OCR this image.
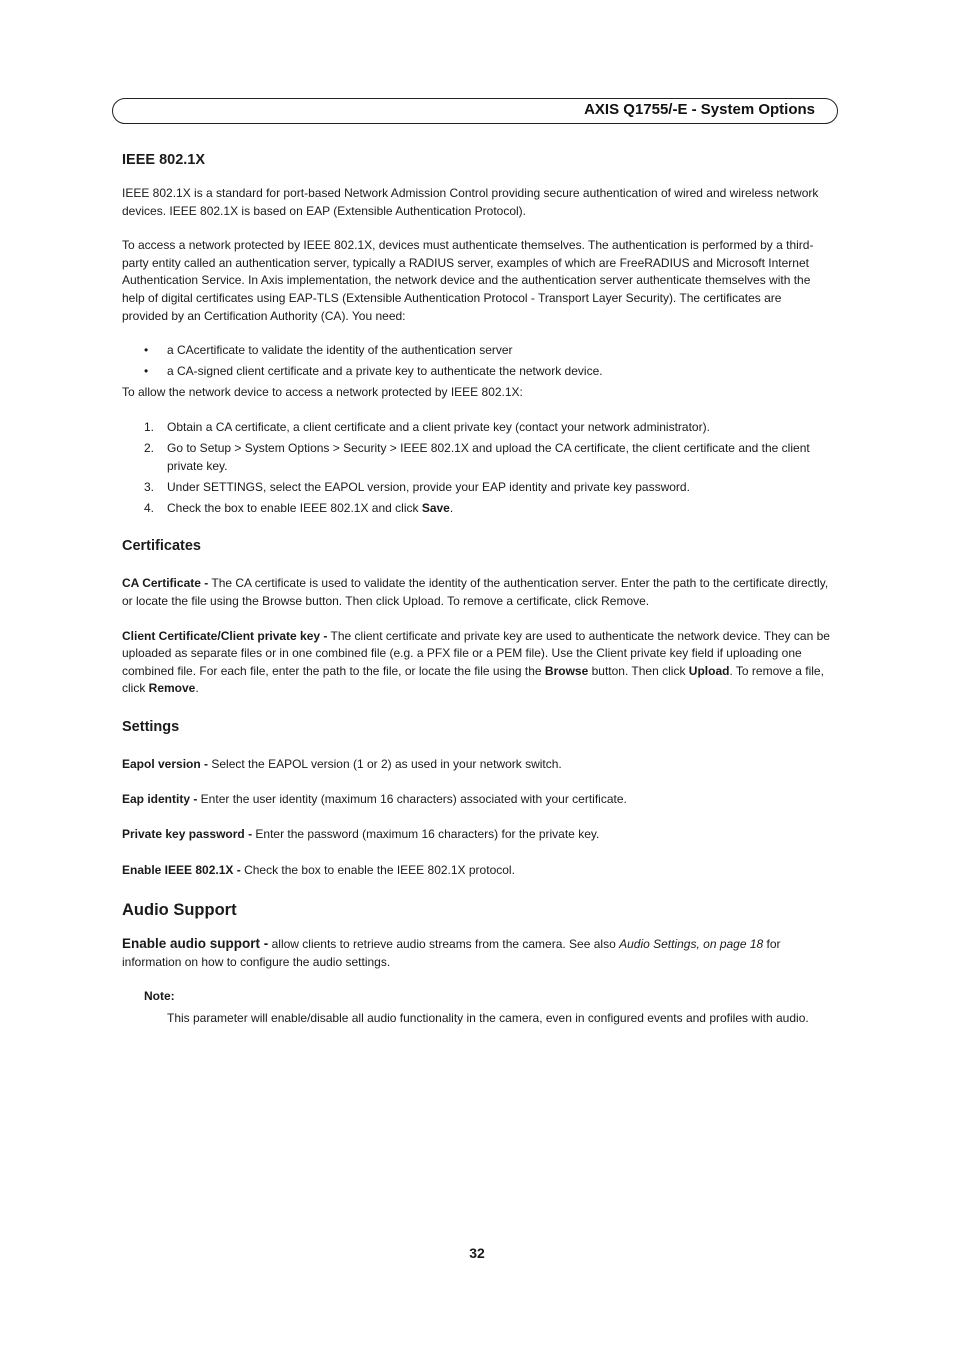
AXIS Q1755/-E - System Options
IEEE 802.1X

IEEE 802.1X is a standard for port-based Network Admission Control providing secure authentication of wired and wireless network devices. IEEE 802.1X is based on EAP (Extensible Authentication Protocol).

To access a network protected by IEEE 802.1X, devices must authenticate themselves. The authentication is performed by a third-party entity called an authentication server, typically a RADIUS server, examples of which are FreeRADIUS and Microsoft Internet Authentication Service. In Axis implementation, the network device and the authentication server authenticate themselves with the help of digital certificates using EAP-TLS (Extensible Authentication Protocol - Transport Layer Security). The certificates are provided by an Certification Authority (CA). You need:

• a CAcertificate to validate the identity of the authentication server
• a CA-signed client certificate and a private key to authenticate the network device.

To allow the network device to access a network protected by IEEE 802.1X:

1. Obtain a CA certificate, a client certificate and a client private key (contact your network administrator).
2. Go to Setup > System Options > Security > IEEE 802.1X and upload the CA certificate, the client certificate and the client private key.
3. Under SETTINGS, select the EAPOL version, provide your EAP identity and private key password.
4. Check the box to enable IEEE 802.1X and click Save.
Certificates

CA Certificate - The CA certificate is used to validate the identity of the authentication server. Enter the path to the certificate directly, or locate the file using the Browse button. Then click Upload. To remove a certificate, click Remove.

Client Certificate/Client private key - The client certificate and private key are used to authenticate the network device. They can be uploaded as separate files or in one combined file (e.g. a PFX file or a PEM file). Use the Client private key field if uploading one combined file. For each file, enter the path to the file, or locate the file using the Browse button. Then click Upload. To remove a file, click Remove.

Settings

Eapol version - Select the EAPOL version (1 or 2) as used in your network switch.

Eap identity - Enter the user identity (maximum 16 characters) associated with your certificate.

Private key password - Enter the password (maximum 16 characters) for the private key.

Enable IEEE 802.1X - Check the box to enable the IEEE 802.1X protocol.

Audio Support

Enable audio support - allow clients to retrieve audio streams from the camera. See also Audio Settings, on page 18 for information on how to configure the audio settings.

Note:

This parameter will enable/disable all audio functionality in the camera, even in configured events and profiles with audio.

32
